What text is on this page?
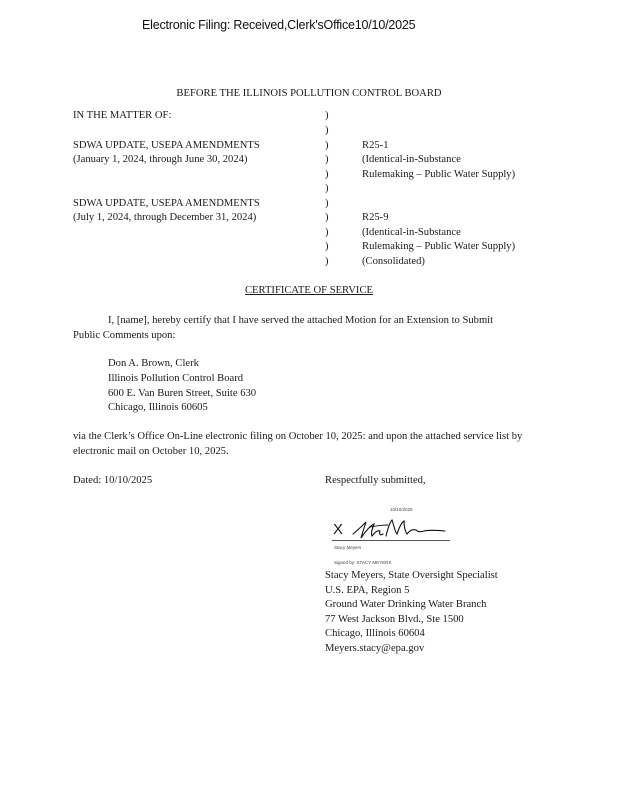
Electronic Filing: Received,Clerk'sOffice10/10/2025
BEFORE THE ILLINOIS POLLUTION CONTROL BOARD
IN THE MATTER OF:
SDWA UPDATE, USEPA AMENDMENTS
(January 1, 2024, through June 30, 2024)
SDWA UPDATE, USEPA AMENDMENTS
(July 1, 2024, through December 31, 2024)
)
)
)
)
)
)
)
)
)
)
)
R25-1
(Identical-in-Substance
Rulemaking – Public Water Supply)
R25-9
(Identical-in-Substance
Rulemaking – Public Water Supply)
(Consolidated)
CERTIFICATE OF SERVICE
I, [name], hereby certify that I have served the attached Motion for an Extension to Submit
Public Comments upon:
Don A. Brown, Clerk
Illinois Pollution Control Board
600 E. Van Buren Street, Suite 630
Chicago, Illinois 60605
via the Clerk’s Office On-Line electronic filing on October 10, 2025: and upon the attached service list by
electronic mail on October 10, 2025.
Dated: 10/10/2025	Respectfully submitted,
10/10/2025
X
Stacy Meyers
Signed by: STACY MEYERS
Stacy Meyers, State Oversight Specialist
U.S. EPA, Region 5
Ground Water Drinking Water Branch
77 West Jackson Blvd., Ste 1500
Chicago, Illinois 60604
Meyers.stacy@epa.gov
